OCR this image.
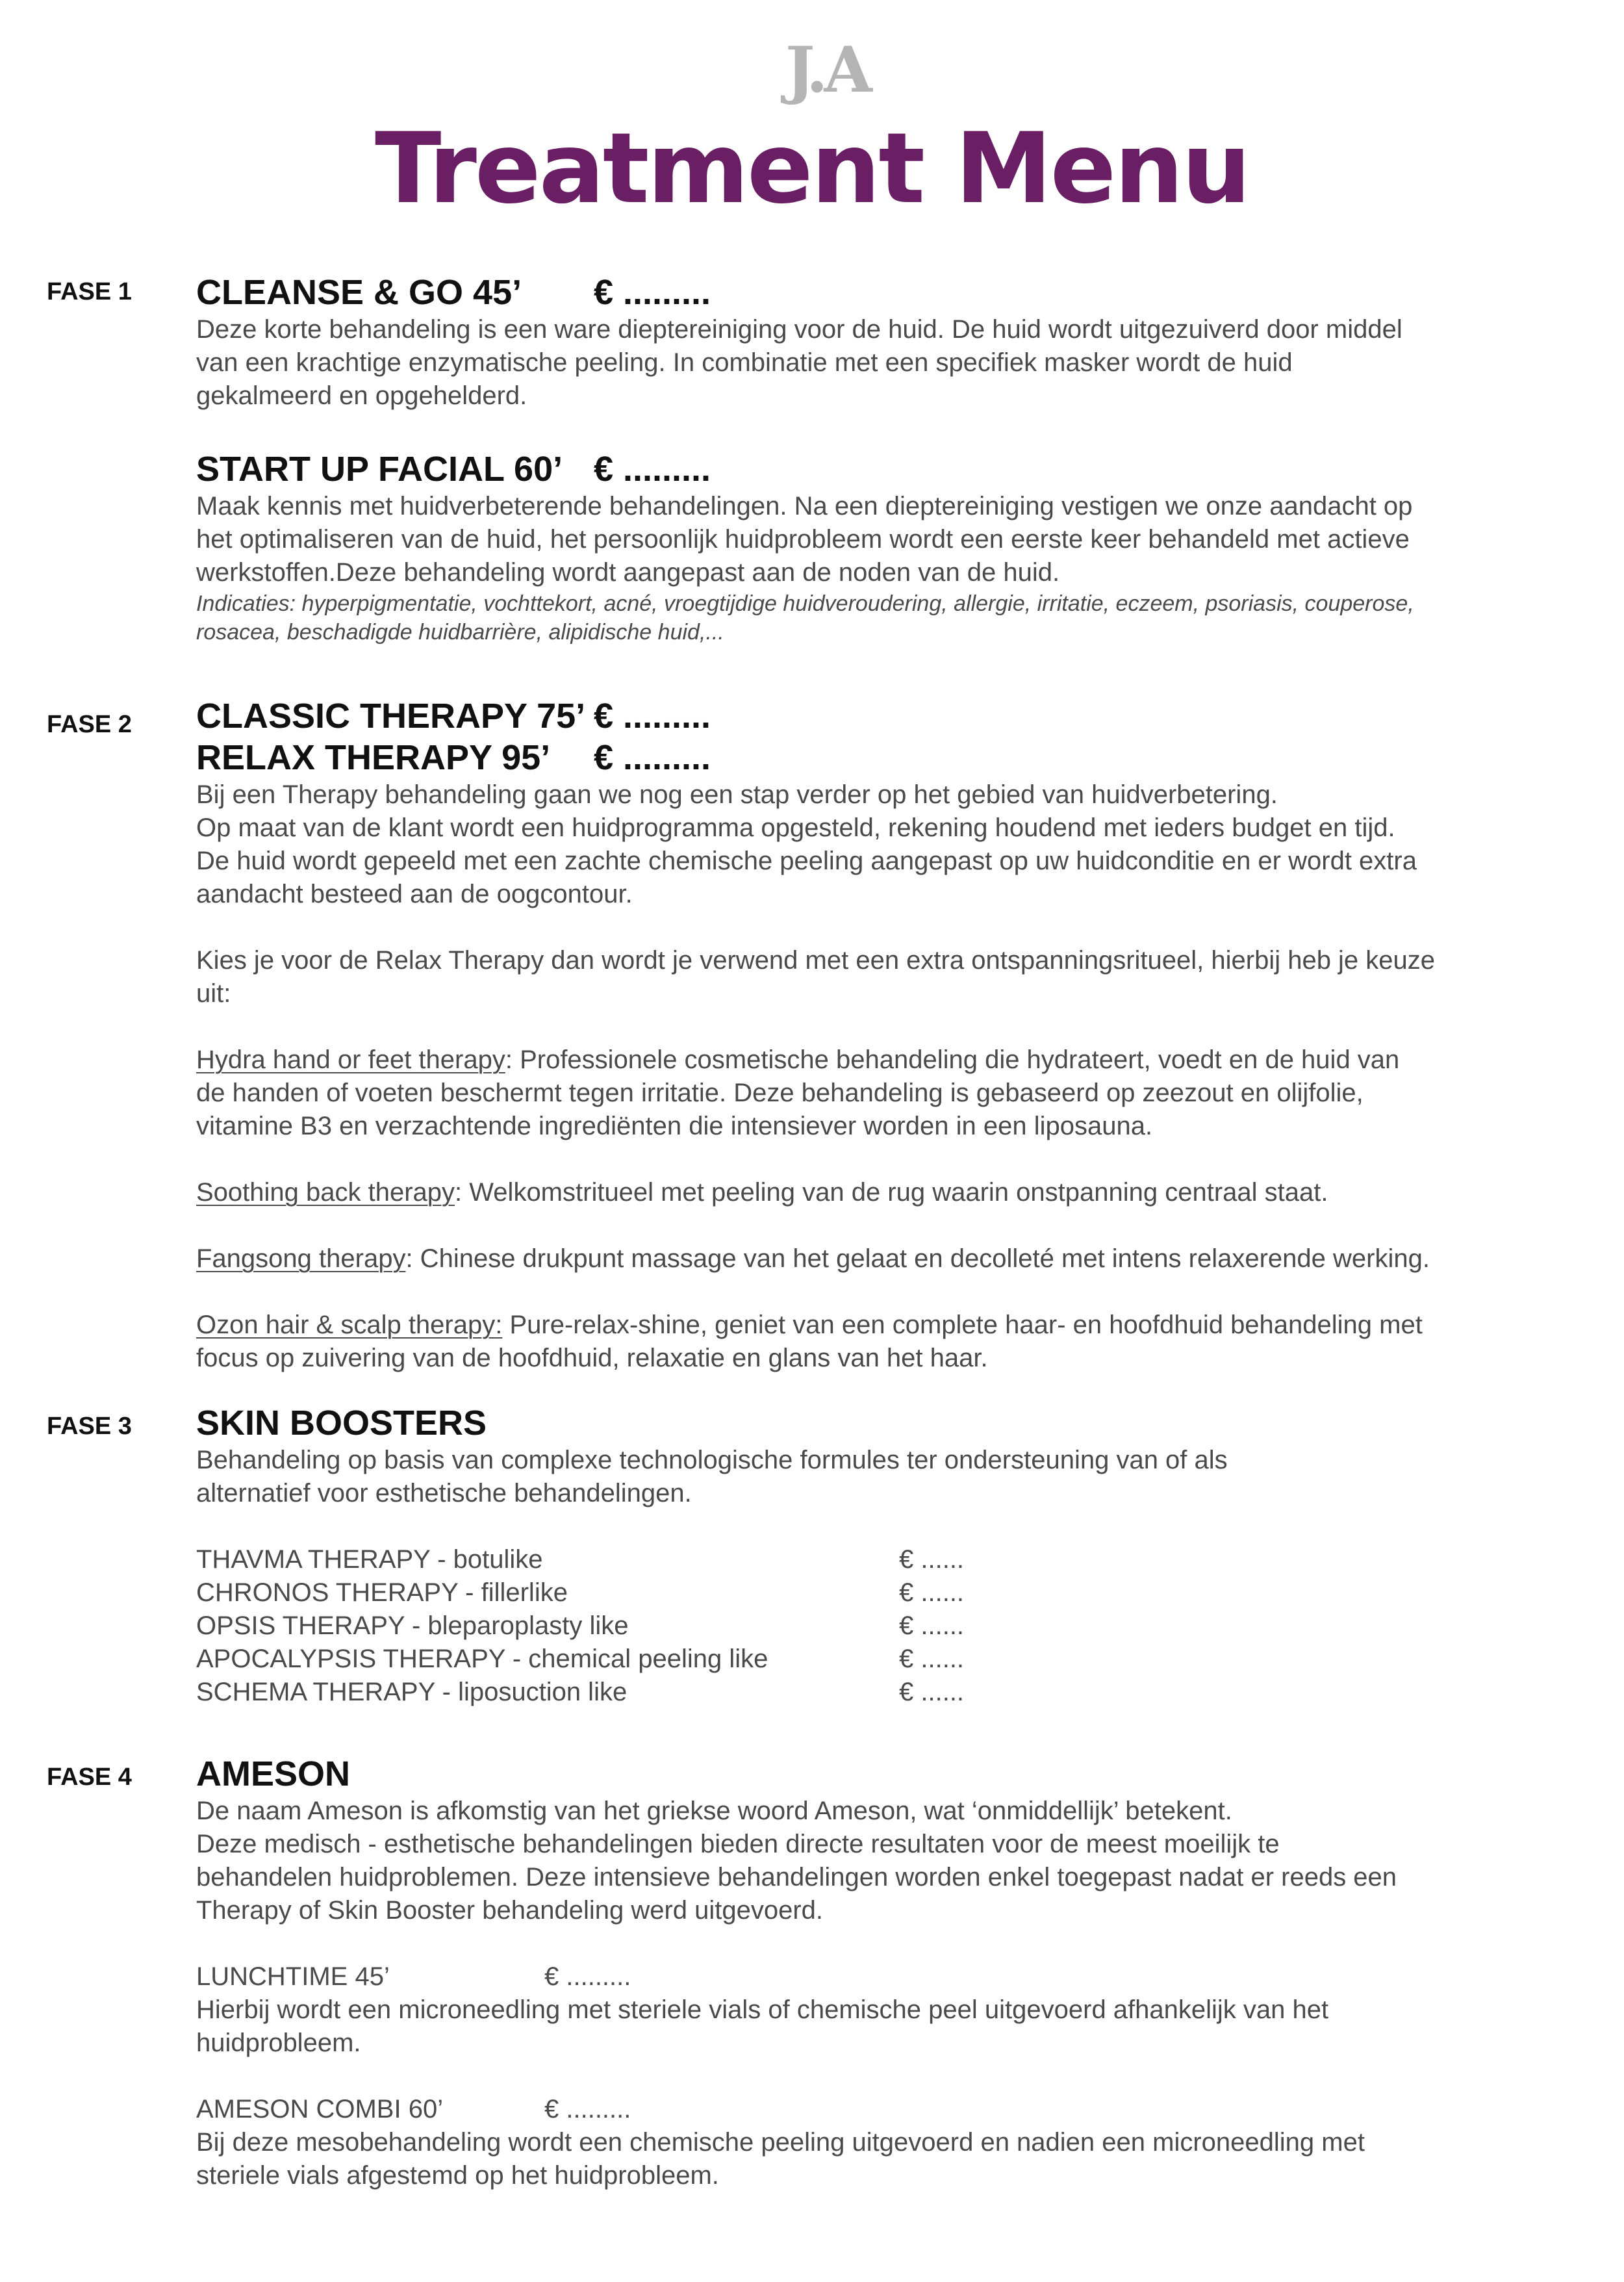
J.A
Treatment Menu
FASE 1 CLEANSE & GO 45’	€ .........

Deze korte behandeling is een ware dieptereiniging voor de huid. De huid wordt uitgezuiverd door middel

van een krachtige enzymatische peeling. In combinatie met een specifiek masker wordt de huid

gekalmeerd en opgehelderd.

START UP FACIAL 60’ € .........

Maak kennis met huidverbeterende behandelingen. Na een dieptereiniging vestigen we onze aandacht op

het optimaliseren van de huid, het persoonlijk huidprobleem wordt een eerste keer behandeld met actieve

werkstoffen.Deze behandeling wordt aangepast aan de noden van de huid.

Indicaties: hyperpigmentatie, vochttekort, acné, vroegtijdige huidveroudering, allergie, irritatie, eczeem, psoriasis, couperose,

rosacea, beschadigde huidbarrière, alipidische huid,...

FASE 2 CLASSIC THERAPY 75’ € .........
RELAX THERAPY 95’	€ .........

Bij een Therapy behandeling gaan we nog een stap verder op het gebied van huidverbetering.

Op maat van de klant wordt een huidprogramma opgesteld, rekening houdend met ieders budget en tijd.

De huid wordt gepeeld met een zachte chemische peeling aangepast op uw huidconditie en er wordt extra

aandacht besteed aan de oogcontour.

Kies je voor de Relax Therapy dan wordt je verwend met een extra ontspanningsritueel, hierbij heb je keuze

uit:

Hydra hand or feet therapy: Professionele cosmetische behandeling die hydrateert, voedt en de huid van

de handen of voeten beschermt tegen irritatie. Deze behandeling is gebaseerd op zeezout en olijfolie,

vitamine B3 en verzachtende ingrediënten die intensiever worden in een liposauna.

Soothing back therapy: Welkomstritueel met peeling van de rug waarin onstpanning centraal staat.

Fangsong therapy: Chinese drukpunt massage van het gelaat en decolleté met intens relaxerende werking.

Ozon hair & scalp therapy: Pure-relax-shine, geniet van een complete haar- en hoofdhuid behandeling met

focus op zuivering van de hoofdhuid, relaxatie en glans van het haar.

FASE 3 SKIN BOOSTERS

Behandeling op basis van complexe technologische formules ter ondersteuning van of als

alternatief voor esthetische behandelingen.

THAVMA THERAPY - botulike	€ ......
CHRONOS THERAPY - fillerlike	€ ......
OPSIS THERAPY - bleparoplasty like	€ ......
APOCALYPSIS THERAPY - chemical peeling like	€ ......
SCHEMA THERAPY - liposuction like	€ ......
FASE 4 AMESON

De naam Ameson is afkomstig van het griekse woord Ameson, wat ‘onmiddellijk’ betekent.

Deze medisch - esthetische behandelingen bieden directe resultaten voor de meest moeilijk te

behandelen huidproblemen. Deze intensieve behandelingen worden enkel toegepast nadat er reeds een

Therapy of Skin Booster behandeling werd uitgevoerd.

LUNCHTIME 45’	€ .........

Hierbij wordt een microneedling met steriele vials of chemische peel uitgevoerd afhankelijk van het

huidprobleem.

AMESON COMBI 60’	€ .........

Bij deze mesobehandeling wordt een chemische peeling uitgevoerd en nadien een microneedling met

steriele vials afgestemd op het huidprobleem.
